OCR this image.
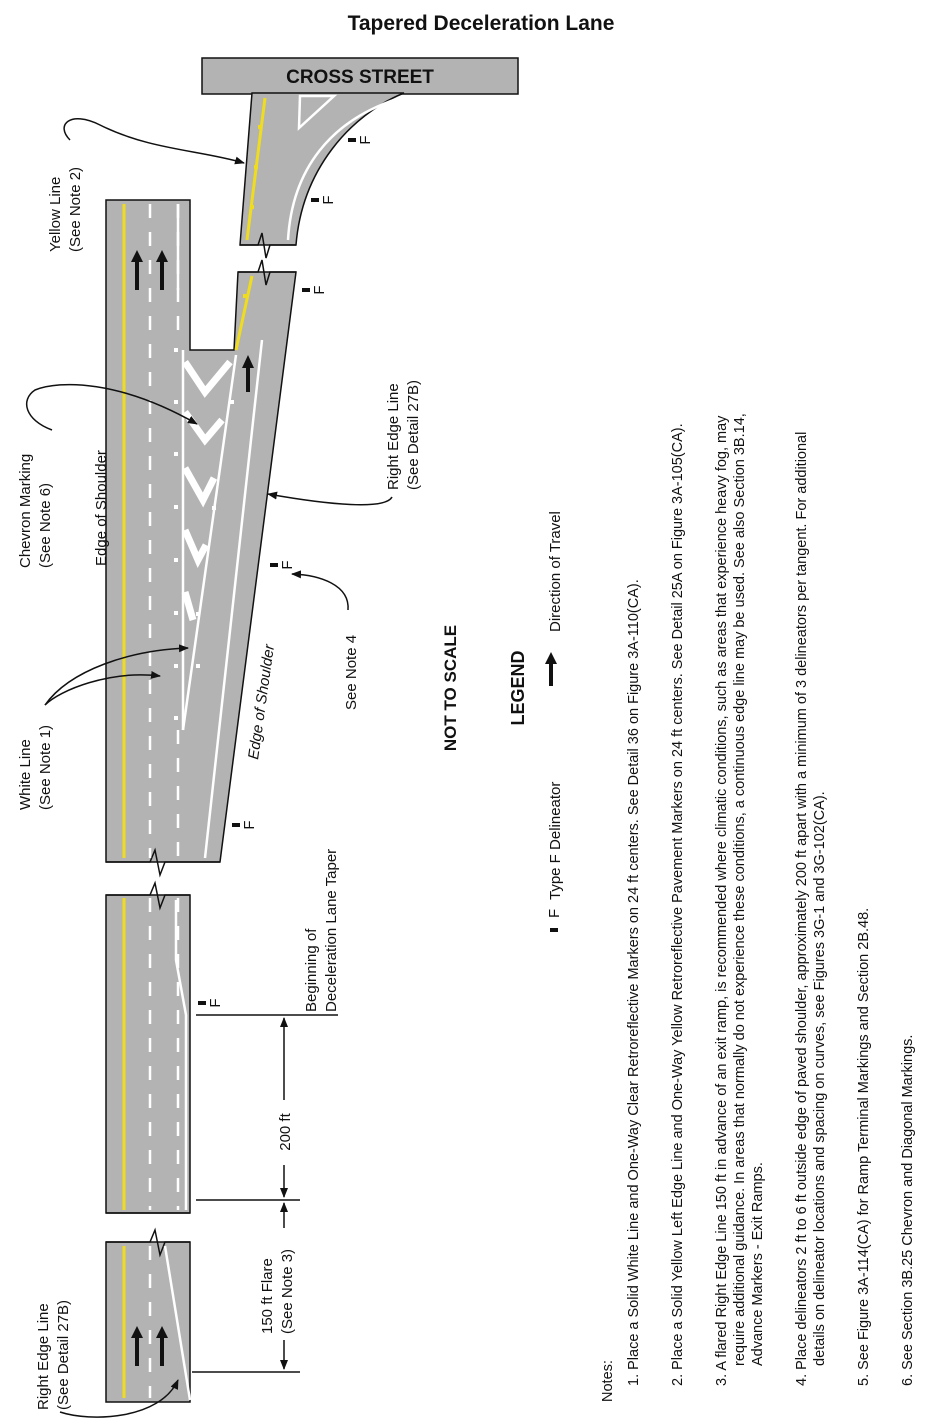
Tapered Deceleration Lane
CROSS STREET
F
F
F
F
F
F
Yellow Line (See Note 2)
Chevron Marking (See Note 6)	Edge of Shoulder
White Line (See Note 1)
Edge of Shoulder
Right Edge Line (See Detail 27B)
See Note 4
Beginning of Deceleration Lane Taper
200 ft
150 ft Flare (See Note 3)
Right Edge Line (See Detail 27B)
NOT TO SCALE	LEGEND
F
Type F Delineator
Direction of Travel
Notes: 1. Place a Solid White Line and One-Way Clear Retroreflective Markers on 24 ft centers. See Detail 36 on Figure 3A-110(CA). 2. Place a Solid Yellow Left Edge Line and One-Way Yellow Retroreflective Pavement Markers on 24 ft centers. See Detail 25A on Figure 3A-105(CA). 3. A flared Right Edge Line 150 ft in advance of an exit ramp, is recommended where climatic conditions, such as areas that experience heavy fog, may require additional guidance. In areas that normally do not experience these conditions, a continuous edge line may be used. See also Section 3B.14, Advance Markers - Exit Ramps. 4. Place delineators 2 ft to 6 ft outside edge of paved shoulder, approximately 200 ft apart with a minimum of 3 delineators per tangent. For additional details on delineator locations and spacing on curves, see Figures 3G-1 and 3G-102(CA). 5. See Figure 3A-114(CA) for Ramp Terminal Markings and Section 2B.48. 6. See Section 3B.25 Chevron and Diagonal Markings.
